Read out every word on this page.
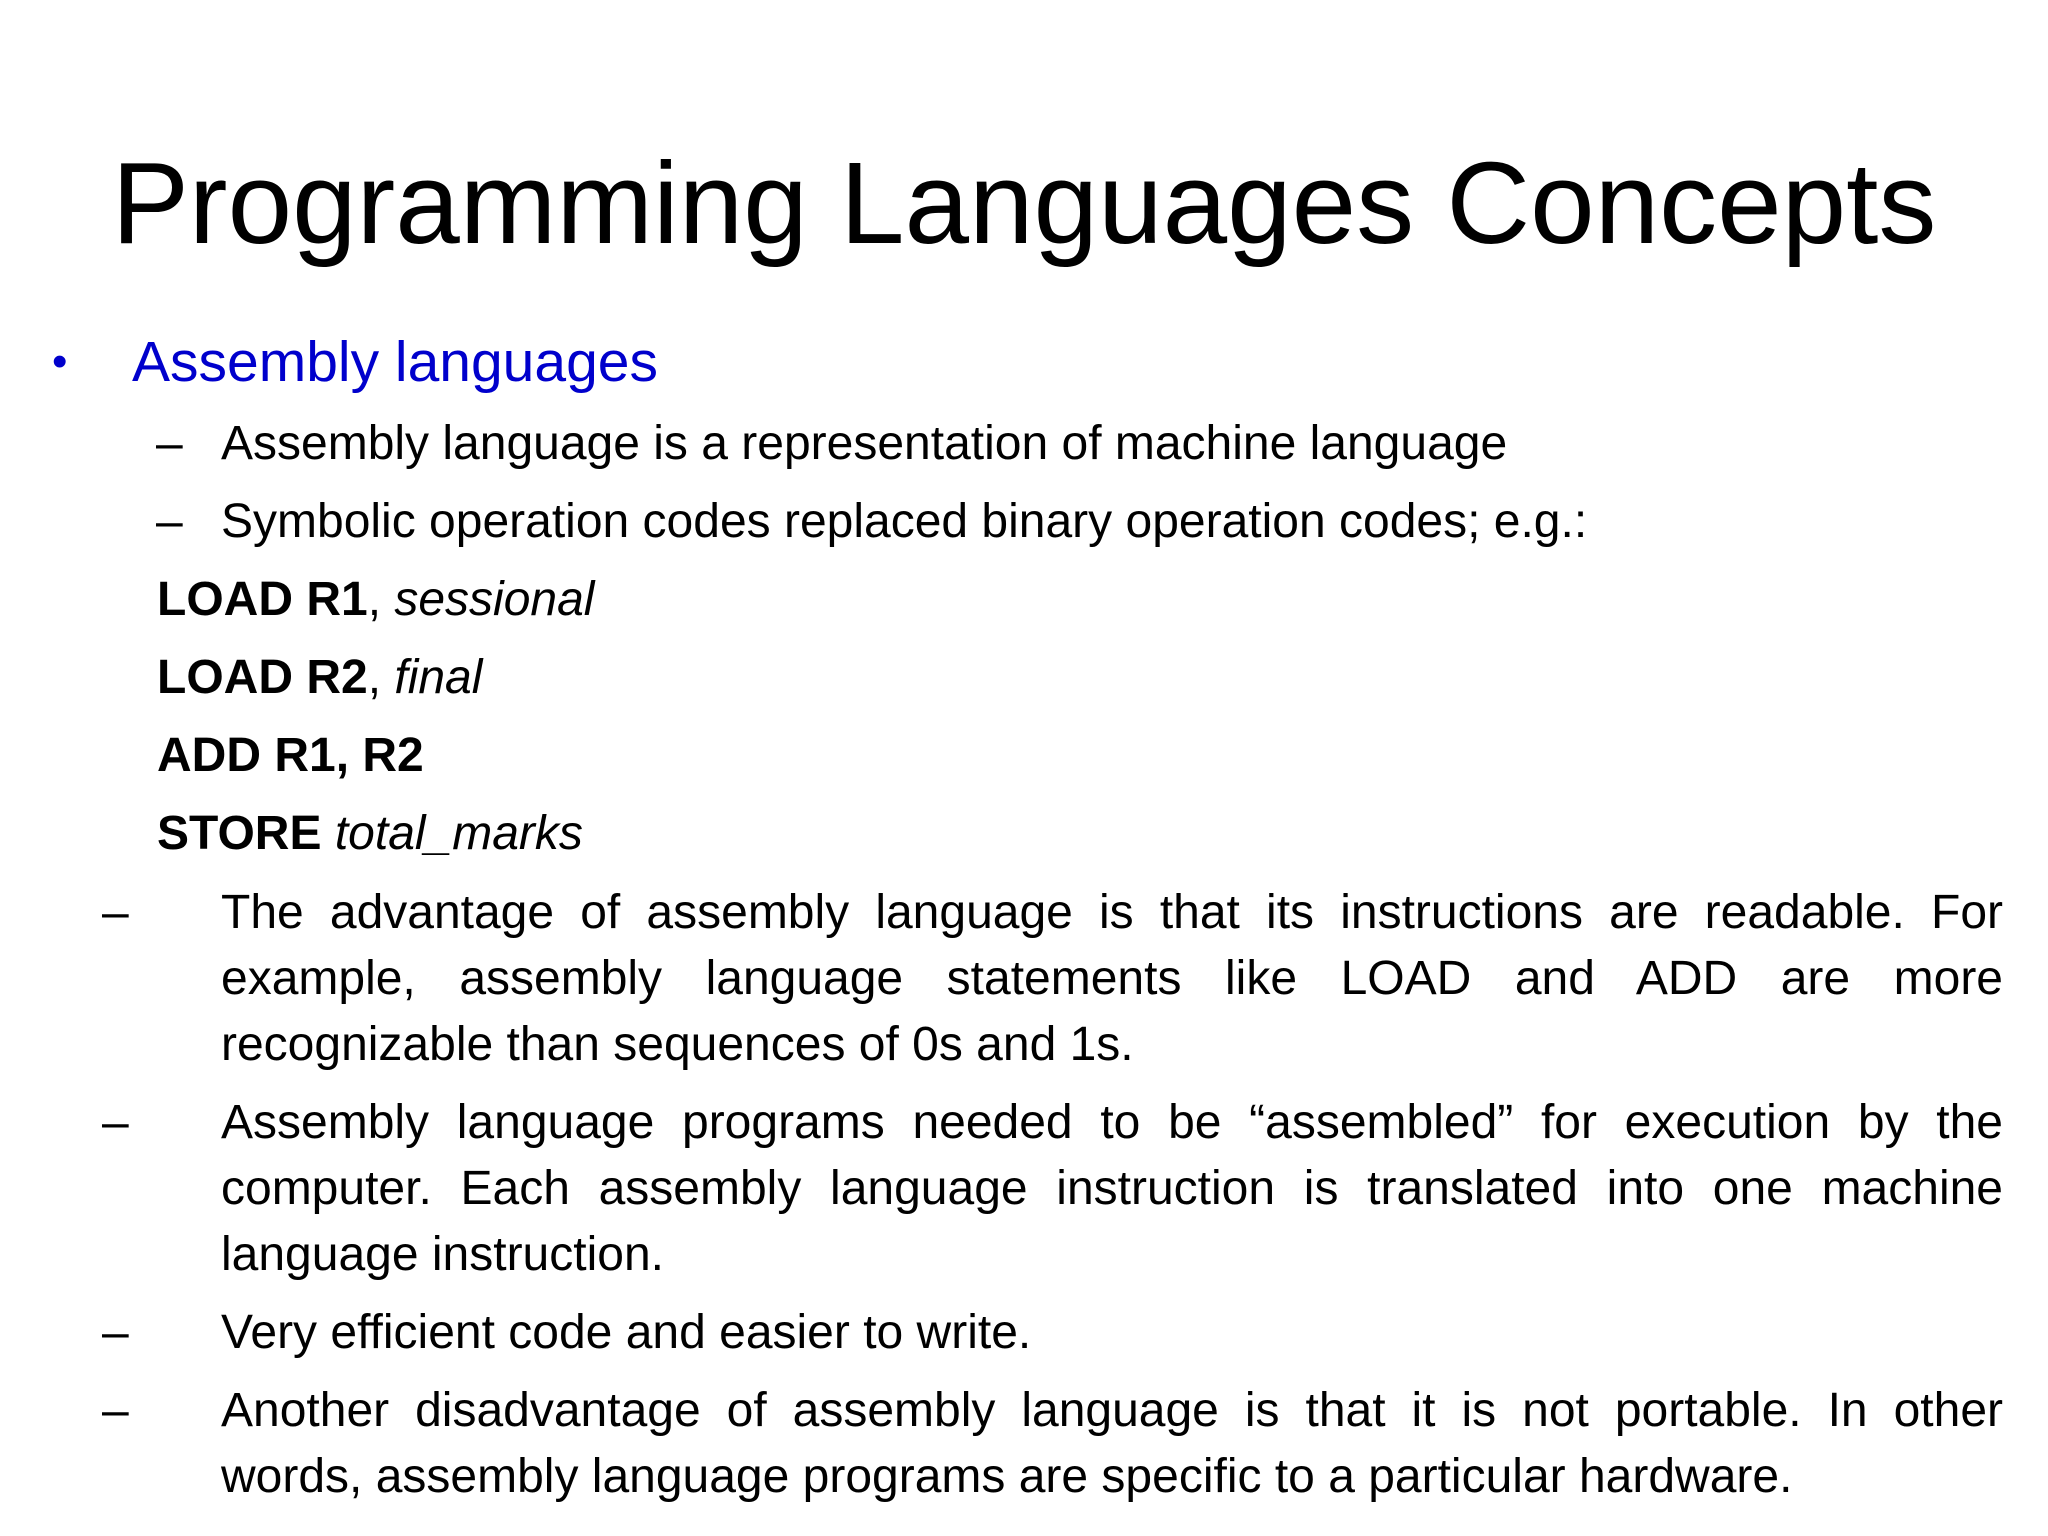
Programming Languages Concepts
• Assembly languages
– Assembly language is a representation of machine language
– Symbolic operation codes replaced binary operation codes; e.g.:
LOAD R1, sessional
LOAD R2, final
ADD R1, R2
STORE total_marks
– The advantage of assembly language is that its instructions are readable. For example, assembly language statements like LOAD and ADD are more recognizable than sequences of 0s and 1s.
– Assembly language programs needed to be “assembled” for execution by the computer. Each assembly language instruction is translated into one machine language instruction.
– Very efficient code and easier to write.
– Another disadvantage of assembly language is that it is not portable. In other words, assembly language programs are specific to a particular hardware.
